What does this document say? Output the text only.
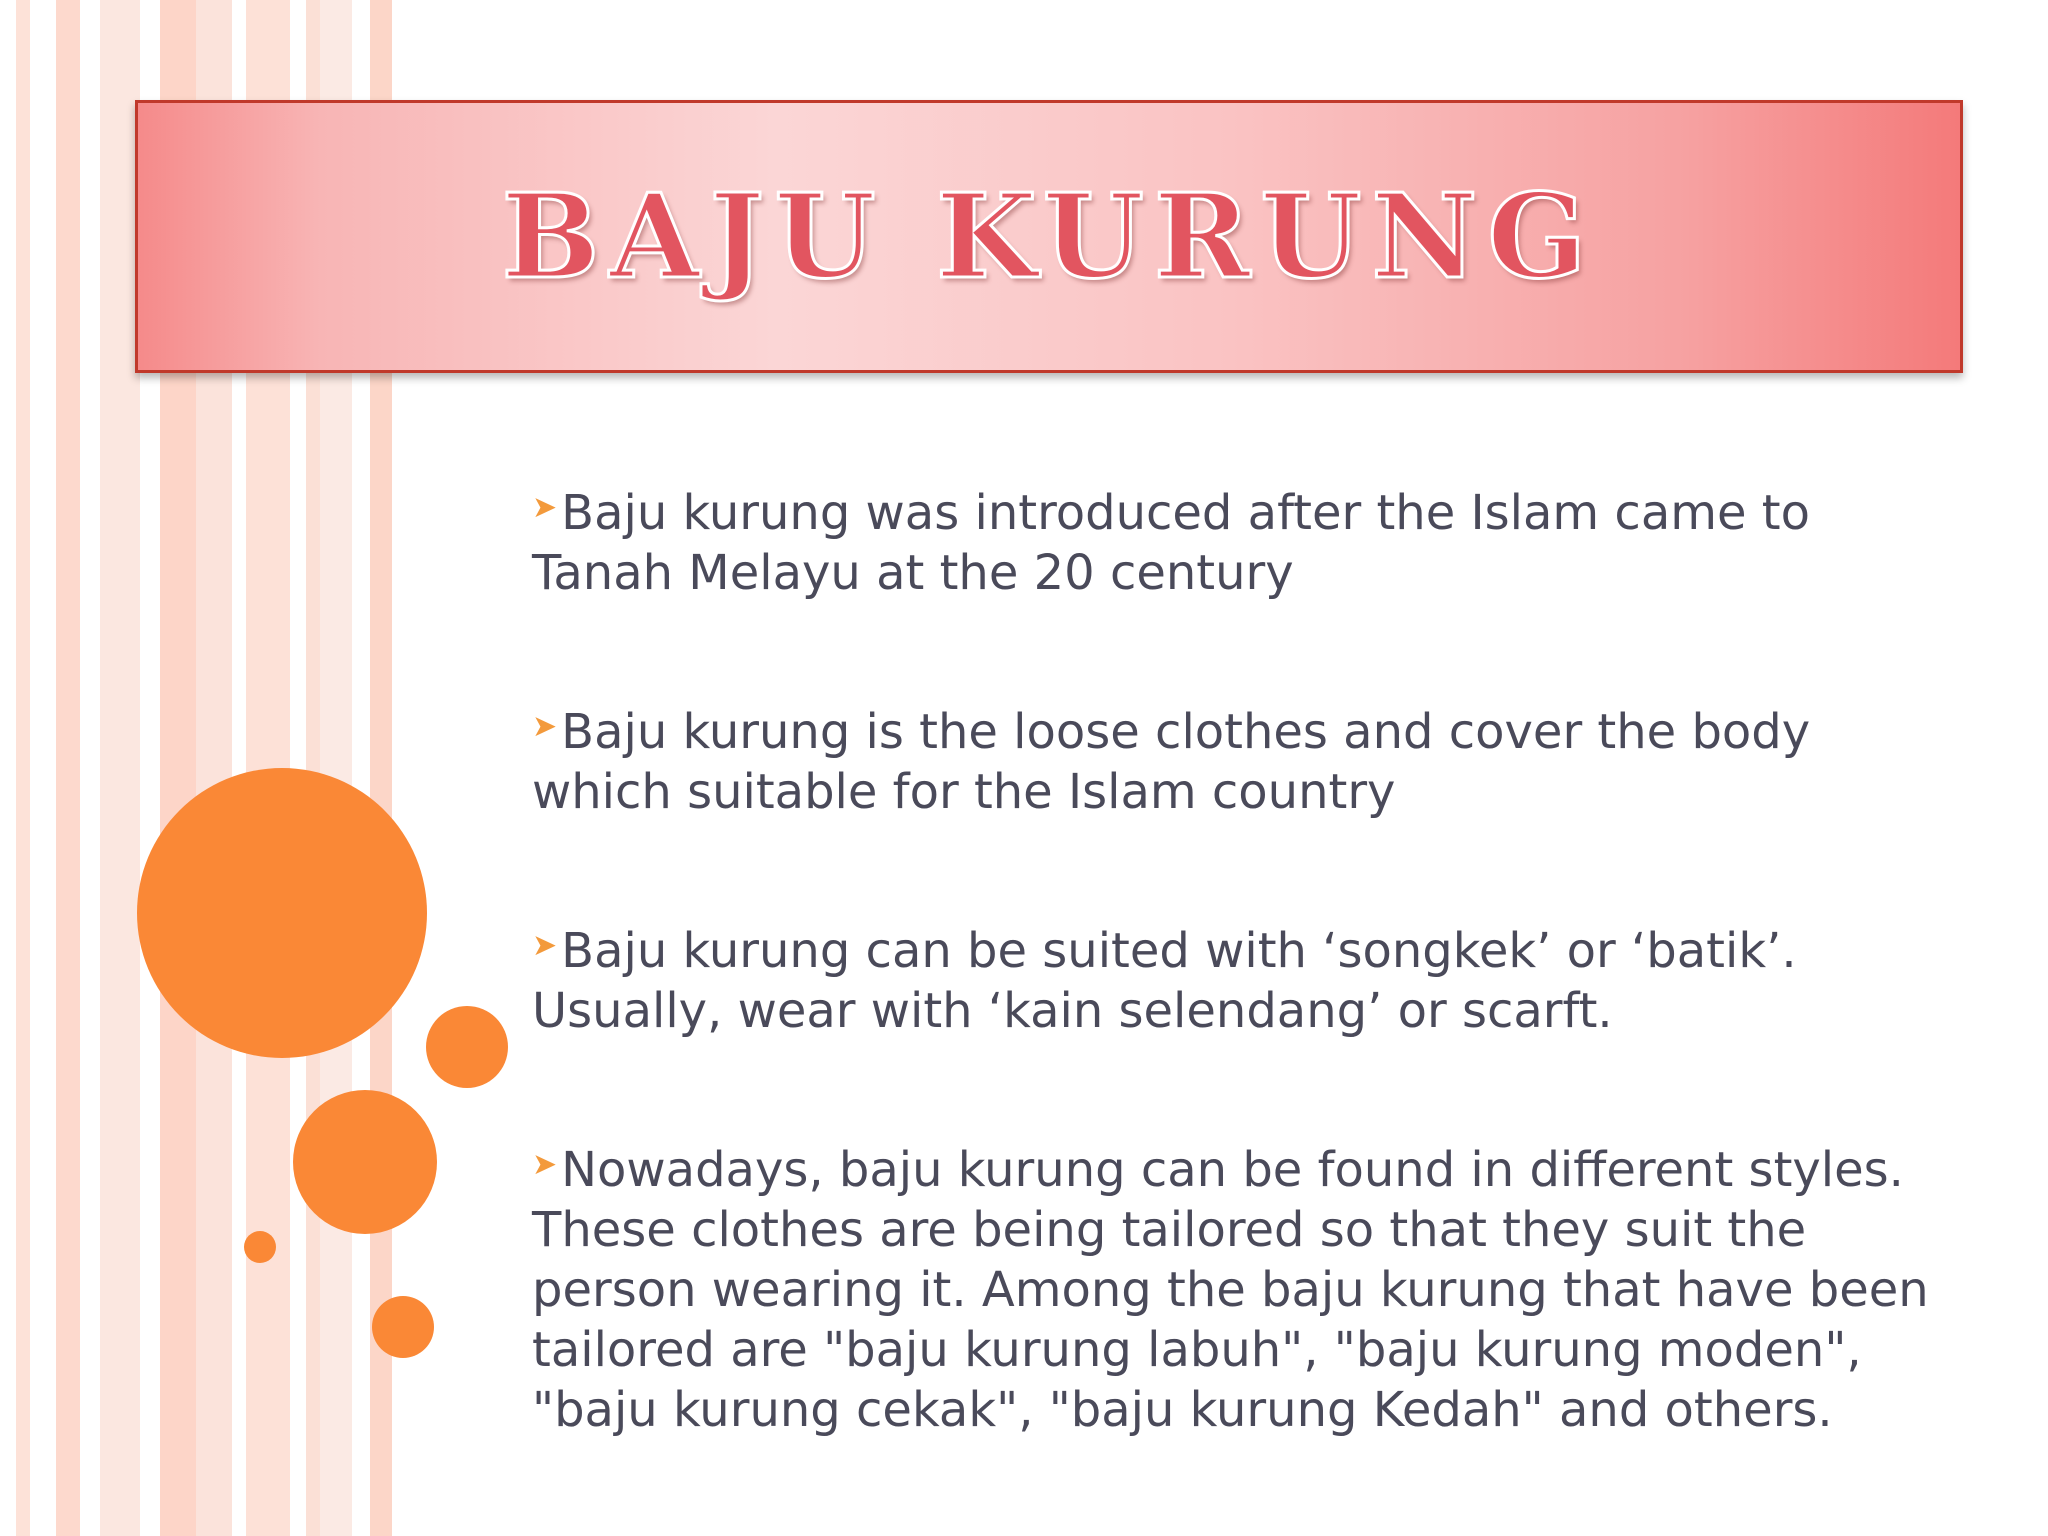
BAJU KURUNG
➤Baju kurung was introduced after the Islam came to Tanah Melayu at the 20 century
➤Baju kurung is the loose clothes and cover the body which suitable for the Islam country
➤Baju kurung can be suited with ‘songkek’ or ‘batik’. Usually, wear with ‘kain selendang’ or scarft.
➤Nowadays, baju kurung can be found in different styles. These clothes are being tailored so that they suit the person wearing it. Among the baju kurung that have been tailored are "baju kurung labuh", "baju kurung moden", "baju kurung cekak", "baju kurung Kedah" and others.
